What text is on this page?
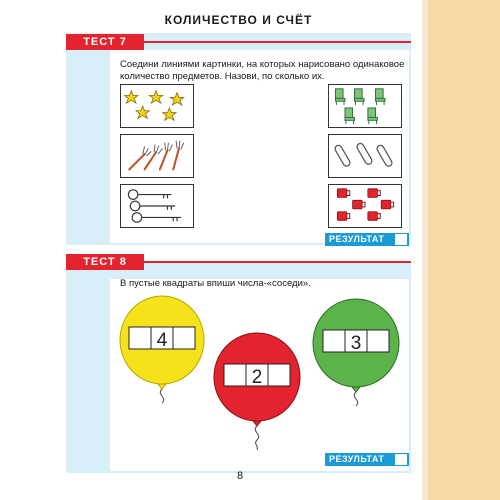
КОЛИЧЕСТВО И СЧЁТ
ТЕСТ 7
Соедини линиями картинки, на которых нарисовано одинаковое количество предметов. Назови, по сколько их.
РЕЗУЛЬТАТ
ТЕСТ 8
В пустые квадраты впиши числа-«соседи».
4
2
3
РЕЗУЛЬТАТ
8
